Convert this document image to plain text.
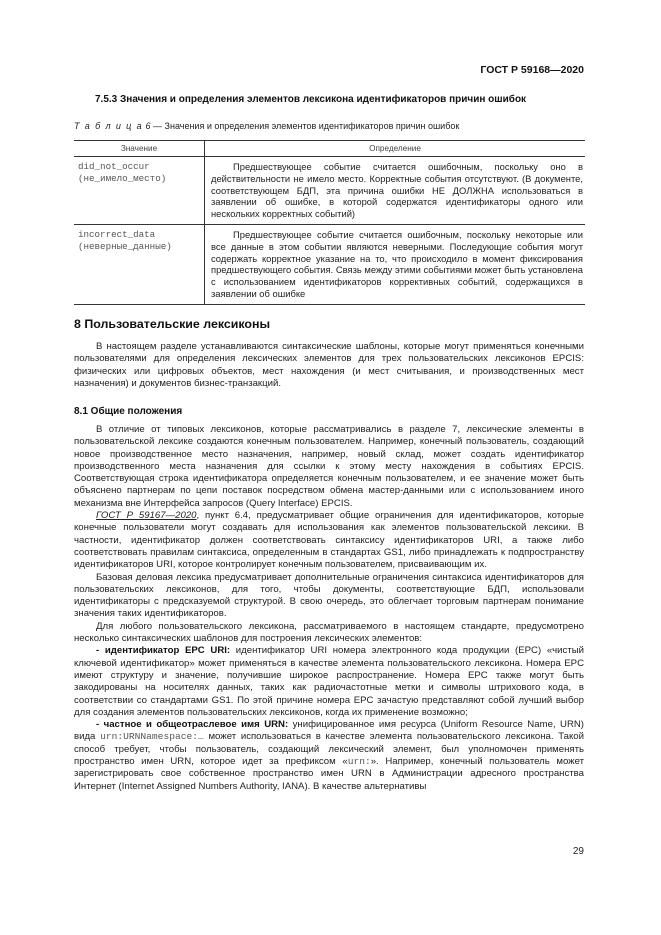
ГОСТ Р 59168—2020
7.5.3 Значения и определения элементов лексикона идентификаторов причин ошибок
Т а б л и ц а 6 — Значения и определения элементов идентификаторов причин ошибок
Значение	Определение
did_not_occur
(не_имело_место)	Предшествующее событие считается ошибочным, поскольку оно в действительности не имело место. Корректные события отсутствуют. (В документе, соответствующем БДП, эта причина ошибки НЕ ДОЛЖНА использоваться в заявлении об ошибке, в которой содержатся идентификаторы одного или нескольких корректных событий)

incorrect_data
(неверные_данные)	Предшествующее событие считается ошибочным, поскольку некоторые или все данные в этом событии являются неверными. Последующие события могут содержать корректное указание на то, что происходило в момент фиксирования предшествующего события. Связь между этими событиями может быть установлена с использованием идентификаторов коррективных событий, содержащихся в заявлении об ошибке
8 Пользовательские лексиконы

В настоящем разделе устанавливаются синтаксические шаблоны, которые могут применяться конечными пользователями для определения лексических элементов для трех пользовательских лексиконов EPCIS: физических или цифровых объектов, мест нахождения (и мест считывания, и производственных мест назначения) и документов бизнес-транзакций.

8.1 Общие положения

В отличие от типовых лексиконов, которые рассматривались в разделе 7, лексические элементы в пользовательской лексике создаются конечным пользователем. Например, конечный пользователь, создающий новое производственное место назначения, например, новый склад, может создать идентификатор производственного места назначения для ссылки к этому месту нахождения в событиях EPCIS. Соответствующая строка идентификатора определяется конечным пользователем, и ее значение может быть объяснено партнерам по цепи поставок посредством обмена мастер-данными или с использованием иного механизма вне Интерфейса запросов (Query Interface) EPCIS.

ГОСТ Р 59167—2020, пункт 6.4, предусматривает общие ограничения для идентификаторов, которые конечные пользователи могут создавать для использования как элементов пользовательской лексики. В частности, идентификатор должен соответствовать синтаксису идентификаторов URI, а также либо соответствовать правилам синтаксиса, определенным в стандартах GS1, либо принадлежать к подпространству идентификаторов URI, которое контролирует конечным пользователем, присваивающим их.

Базовая деловая лексика предусматривает дополнительные ограничения синтаксиса идентификаторов для пользовательских лексиконов, для того, чтобы документы, соответствующие БДП, использовали идентификаторы с предсказуемой структурой. В свою очередь, это облегчает торговым партнерам понимание значения таких идентификаторов.

Для любого пользовательского лексикона, рассматриваемого в настоящем стандарте, предусмотрено несколько синтаксических шаблонов для построения лексических элементов:

- идентификатор EPC URI: идентификатор URI номера электронного кода продукции (EPC) «чистый ключевой идентификатор» может применяться в качестве элемента пользовательского лексикона. Номера EPC имеют структуру и значение, получившие широкое распространение. Номера EPC также могут быть закодированы на носителях данных, таких как радиочастотные метки и символы штрихового кода, в соответствии со стандартами GS1. По этой причине номера EPC зачастую представляют собой лучший выбор для создания элементов пользовательских лексиконов, когда их применение возможно;

- частное и общеотраслевое имя URN: унифицированное имя ресурса (Uniform Resource Name, URN) вида urn:URNNamespace:… может использоваться в качестве элемента пользовательского лексикона. Такой способ требует, чтобы пользователь, создающий лексический элемент, был уполномочен применять пространство имен URN, которое идет за префиксом «urn:». Например, конечный пользователь может зарегистрировать свое собственное пространство имен URN в Администрации адресного пространства Интернет (Internet Assigned Numbers Authority, IANA). В качестве альтернативы

29
